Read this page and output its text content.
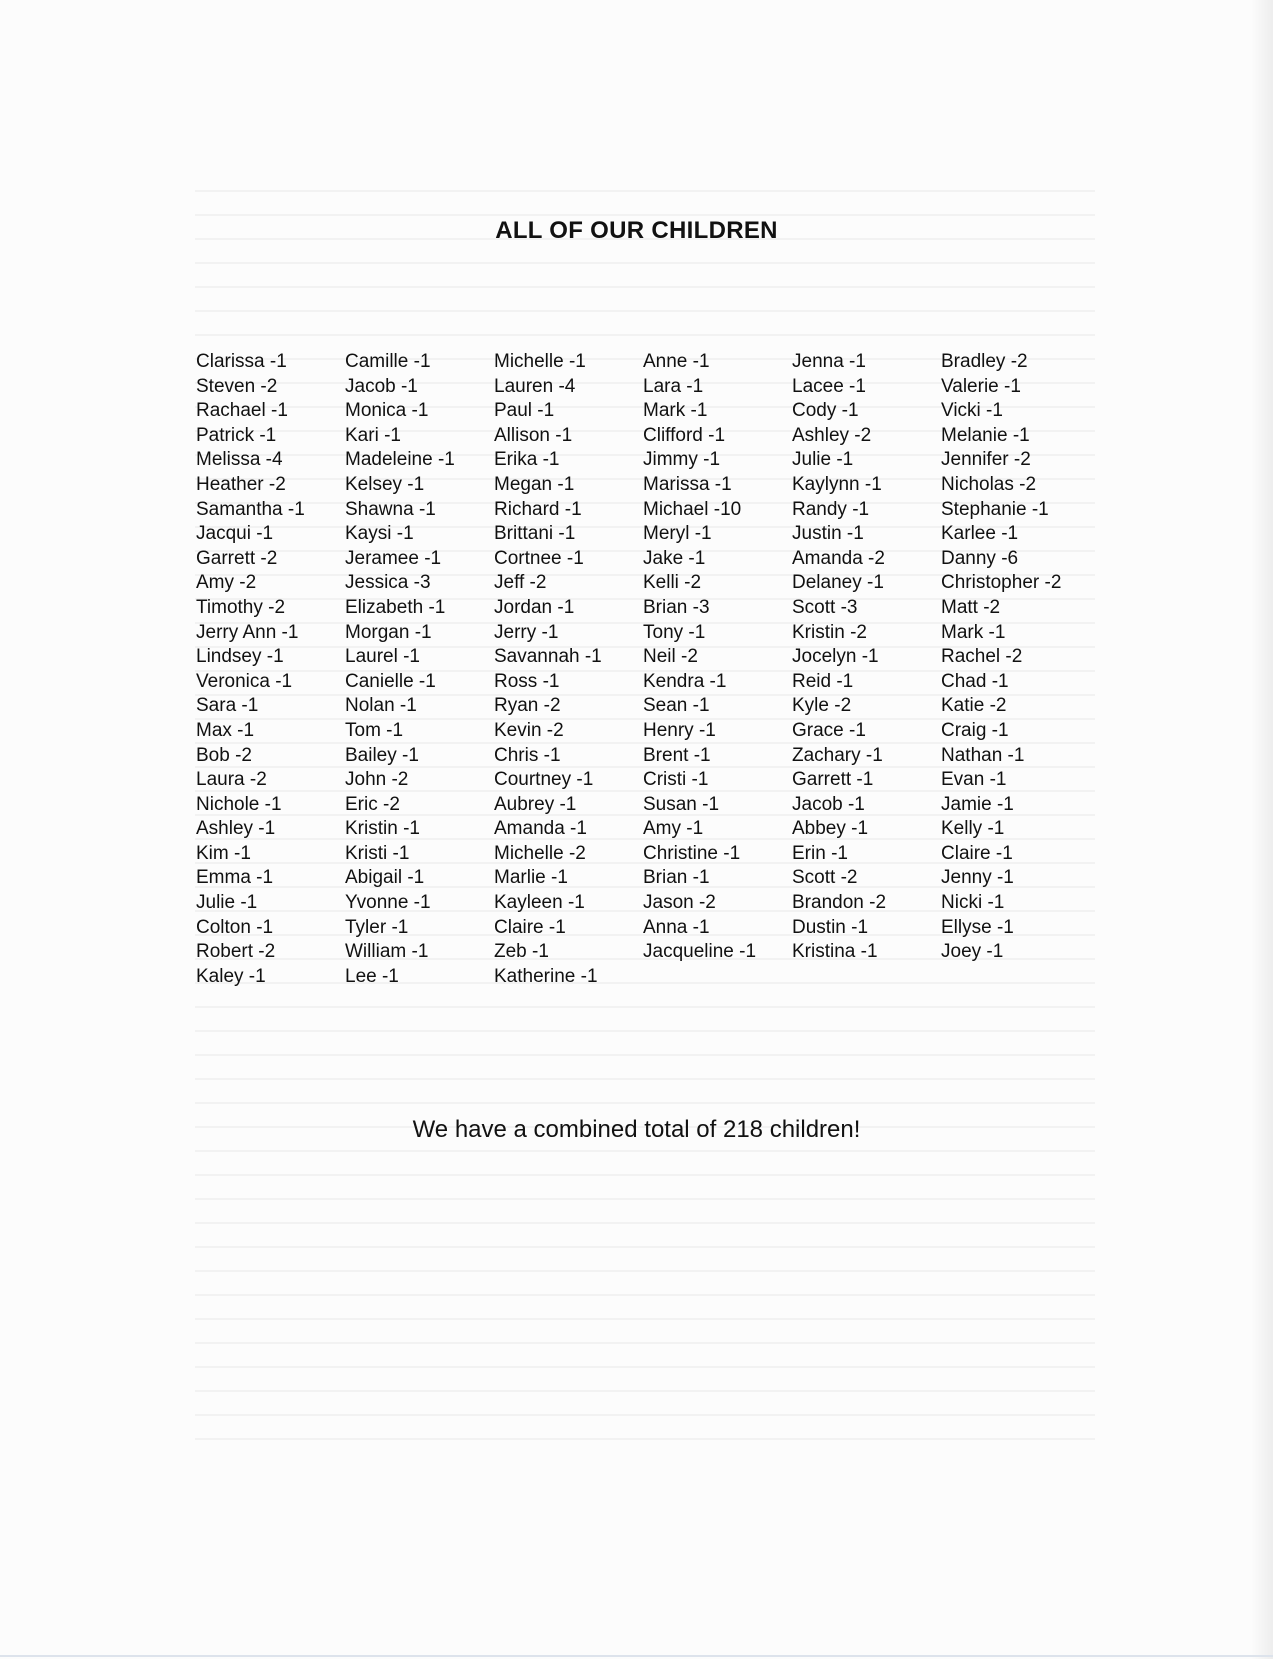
ALL OF OUR CHILDREN
Clarissa -1
Steven -2
Rachael -1
Patrick -1
Melissa -4
Heather -2
Samantha -1
Jacqui -1
Garrett -2
Amy -2
Timothy -2
Jerry Ann -1
Lindsey -1
Veronica -1
Sara -1
Max -1
Bob -2
Laura -2
Nichole -1
Ashley -1
Kim -1
Emma -1
Julie -1
Colton -1
Robert -2
Kaley -1
Camille -1
Jacob -1
Monica -1
Kari -1
Madeleine -1
Kelsey -1
Shawna -1
Kaysi -1
Jeramee -1
Jessica -3
Elizabeth -1
Morgan -1
Laurel -1
Canielle -1
Nolan -1
Tom -1
Bailey -1
John -2
Eric -2
Kristin -1
Kristi -1
Abigail -1
Yvonne -1
Tyler -1
William -1
Lee -1
Michelle -1
Lauren -4
Paul -1
Allison -1
Erika -1
Megan -1
Richard -1
Brittani -1
Cortnee -1
Jeff -2
Jordan -1
Jerry -1
Savannah -1
Ross -1
Ryan -2
Kevin -2
Chris -1
Courtney -1
Aubrey -1
Amanda -1
Michelle -2
Marlie -1
Kayleen -1
Claire -1
Zeb -1
Katherine -1
Anne -1
Lara -1
Mark -1
Clifford -1
Jimmy -1
Marissa -1
Michael -10
Meryl -1
Jake -1
Kelli -2
Brian -3
Tony -1
Neil -2
Kendra -1
Sean -1
Henry -1
Brent -1
Cristi -1
Susan -1
Amy -1
Christine -1
Brian -1
Jason -2
Anna -1
Jacqueline -1
Jenna -1
Lacee -1
Cody -1
Ashley -2
Julie -1
Kaylynn -1
Randy -1
Justin -1
Amanda -2
Delaney -1
Scott -3
Kristin -2
Jocelyn -1
Reid -1
Kyle -2
Grace -1
Zachary -1
Garrett -1
Jacob -1
Abbey -1
Erin -1
Scott -2
Brandon -2
Dustin -1
Kristina -1
Bradley -2
Valerie -1
Vicki -1
Melanie -1
Jennifer -2
Nicholas -2
Stephanie -1
Karlee -1
Danny -6
Christopher -2
Matt -2
Mark -1
Rachel -2
Chad -1
Katie -2
Craig -1
Nathan -1
Evan -1
Jamie -1
Kelly -1
Claire -1
Jenny -1
Nicki -1
Ellyse -1
Joey -1

We have a combined total of 218 children!
